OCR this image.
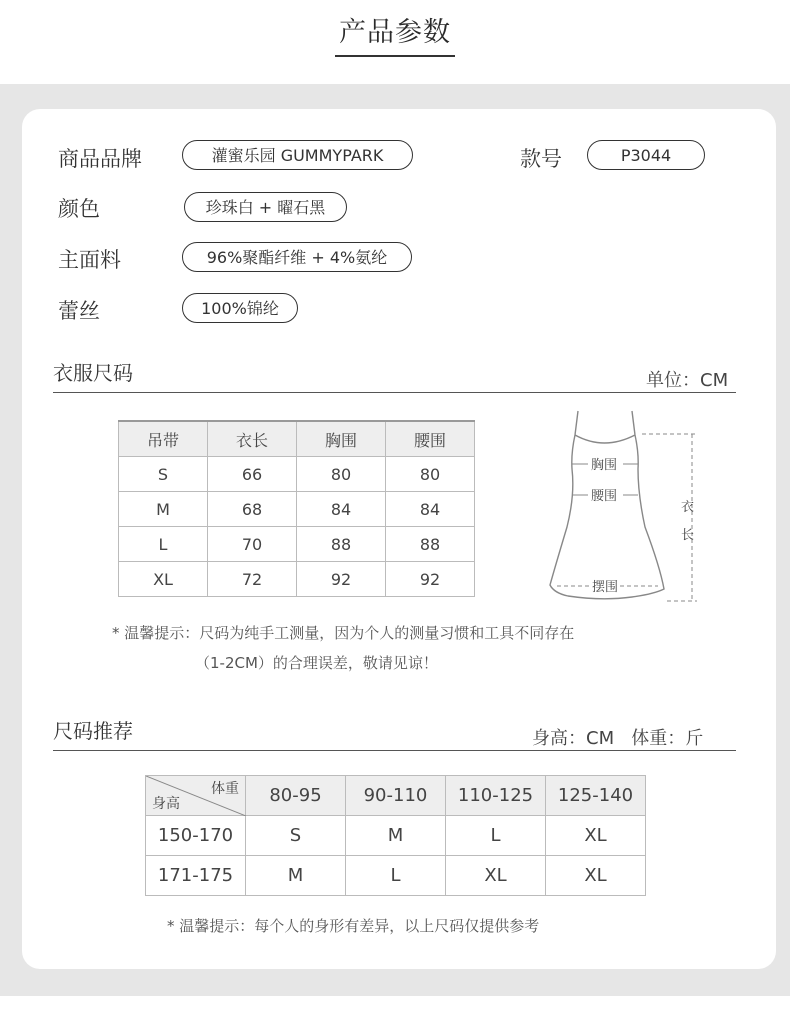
产品参数
商品品牌	灌蜜乐园 GUMMYPARK	款号	P3044
颜色	珍珠白 + 曜石黑
主面料	96%聚酯纤维 + 4%氨纶
蕾丝	100%锦纶
衣服尺码	单位：CM
吊带	衣长	胸围	腰围
S	66	80	80
M	68	84	84
L	70	88	88
XL	72	92	92
胸围
腰围
摆围
衣
长
* 温馨提示：尺码为纯手工测量，因为个人的测量习惯和工具不同存在
（1-2CM）的合理误差，敬请见谅！
尺码推荐	身高：CM   体重：斤
体重
身高	80-95	90-110	110-125	125-140
150-170	S	M	L	XL
171-175	M	L	XL	XL
* 温馨提示：每个人的身形有差异，以上尺码仅提供参考
